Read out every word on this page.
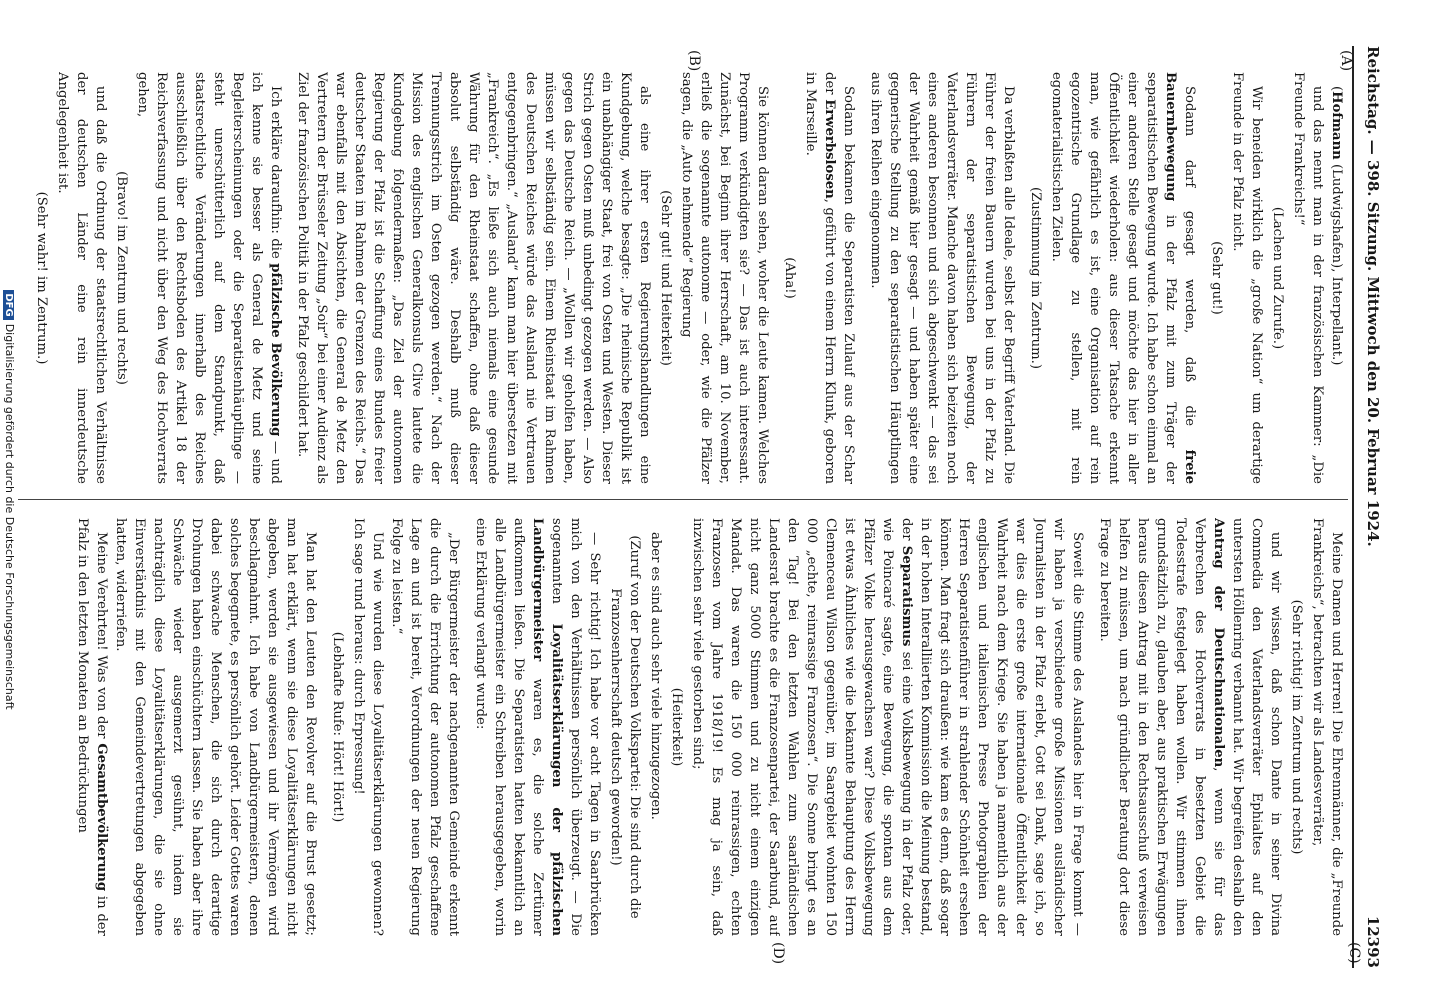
Reichstag. — 398. Sitzung. Mittwoch den 20. Februar 1924.
12393
(A)
(B)
(C)
(D)

(Hofmann (Ludwigshafen), Interpellant.)

und das nennt man in der französischen Kammer: „Die Freunde Frankreichs!“

(Lachen und Zurufe.)

Wir beneiden wirklich die „große Nation“ um derartige Freunde in der Pfalz nicht.

(Sehr gut!)

Sodann darf gesagt werden, daß die freie Bauernbewegung in der Pfalz mit zum Träger der separatistischen Bewegung wurde. Ich habe schon einmal an einer anderen Stelle gesagt und möchte das hier in aller Öffentlichkeit wiederholen: aus dieser Tatsache erkennt man, wie gefährlich es ist, eine Organisation auf rein egozentrische Grundlage zu stellen, mit rein egomaterialistischen Zielen.

(Zustimmung im Zentrum.)

Da verblaßten alle Ideale, selbst der Begriff Vaterland. Die Führer der freien Bauern wurden bei uns in der Pfalz zu Führern der separatistischen Bewegung, der Vaterlandsverräter. Manche davon haben sich beizeiten noch eines anderen besonnen und sich abgeschwenkt — das sei der Wahrheit gemäß hier gesagt — und haben später eine gegnerische Stellung zu den separatistischen Häuptlingen aus ihren Reihen eingenommen.

Sodann bekamen die Separatisten Zulauf aus der Schar der Erwerbslosen, geführt von einem Herrn Klunk, geboren in Marseille.

(Aha!)

Sie können daran sehen, woher die Leute kamen. Welches Programm verkündigten sie? — Das ist auch interessant. Zunächst, bei Beginn ihrer Herrschaft, am 10. November, erließ die sogenannte autonome — oder, wie die Pfälzer sagen, die „Auto nehmende“ Regierung

(Sehr gut! und Heiterkeit)

als eine ihrer ersten Regierungshandlungen eine Kundgebung, welche besagte: „Die rheinische Republik ist ein unabhängiger Staat, frei von Osten und Westen. Dieser Strich gegen Osten muß unbedingt gezogen werden. — Also gegen das Deutsche Reich. — „Wollen wir geholfen haben, müssen wir selbständig sein. Einem Rheinstaat im Rahmen des Deutschen Reiches würde das Ausland nie Vertrauen entgegenbringen.“ „Ausland“ kann man hier übersetzen mit „Frankreich“. „Es ließe sich auch niemals eine gesunde Währung für den Rheinstaat schaffen, ohne daß dieser absolut selbständig wäre. Deshalb muß dieser Trennungsstrich im Osten gezogen werden.“ Nach der Mission des englischen Generalkonsuls Clive lautete die Kundgebung folgendermaßen: „Das Ziel der autonomen Regierung der Pfalz ist die Schaffung eines Bundes freier deutscher Staaten im Rahmen der Grenzen des Reichs.“ Das war ebenfalls mit den Absichten, die General de Metz den Vertretern der Brüsseler Zeitung „Soir“ bei einer Audienz als Ziel der französischen Politik in der Pfalz geschildert hat.

Ich erkläre daraufhin: die pfälzische Bevölkerung — und ich kenne sie besser als General de Metz und seine Begleiterscheinungen oder die Separatistenhäuptlinge — steht unerschütterlich auf dem Standpunkt, daß staatsrechtliche Veränderungen innerhalb des Reiches ausschließlich über den Rechtsboden des Artikel 18 der Reichsverfassung und nicht über den Weg des Hochverrats gehen,

(Bravo! im Zentrum und rechts)

und daß die Ordnung der staatsrechtlichen Verhältnisse der deutschen Länder eine rein innerdeutsche Angelegenheit ist.

(Sehr wahr! im Zentrum.)

Meine Damen und Herren! Die Ehrenmänner, die „Freunde Frankreichs“, betrachten wir als Landesverräter,

(Sehr richtig! im Zentrum und rechts)

und wir wissen, daß schon Dante in seiner Divina Commedia den Vaterlandsverräter Ephialtes auf den untersten Höllenring verbannt hat. Wir begreifen deshalb den Antrag der Deutschnationalen, wenn sie für das Verbrechen des Hochverrats in besetzten Gebiet die Todesstrafe festgelegt haben wollen. Wir stimmen ihnen grundsätzlich zu, glauben aber, aus praktischen Erwägungen heraus diesen Antrag mit in den Rechtsausschuß verweisen helfen zu müssen, um nach gründlicher Beratung dort diese Frage zu bereiten.

Soweit die Stimme des Auslandes hier in Frage kommt — wir haben ja verschiedene große Missionen ausländischer Journalisten in der Pfalz erlebt, Gott sei Dank, sage ich, so war dies die erste große internationale Öffentlichkeit der Wahrheit nach dem Kriege. Sie haben ja namentlich aus der englischen und italienischen Presse Photographien der Herren Separatistenführer in strahlender Schönheit ersehen können. Man fragt sich draußen: wie kam es denn, daß sogar in der hohen Interalliierten Kommission die Meinung bestand, der Separatismus sei eine Volksbewegung in der Pfalz oder, wie Poincaré sagte, eine Bewegung, die spontan aus dem Pfälzer Volke herausgewachsen war? Diese Volksbewegung ist etwas Ähnliches wie die bekannte Behauptung des Herrn Clemenceau Wilson gegenüber, im Saargebiet wohnten 150 000 „echte, reinrassige Franzosen“. Die Sonne bringt es an den Tag! Bei den letzten Wahlen zum saarländischen Landesrat brachte es die Franzosenpartei, der Saarbund, auf nicht ganz 5000 Stimmen und zu nicht einem einzigen Mandat. Das waren die 150 000 reinrassigen, echten Franzosen vom Jahre 1918/19! Es mag ja sein, daß inzwischen sehr viele gestorben sind;

(Heiterkeit)

aber es sind auch sehr viele hinzugezogen.

(Zuruf von der Deutschen Volkspartei: Die sind durch die Franzosenherrschaft deutsch geworden!)

— Sehr richtig! Ich habe vor acht Tagen in Saarbrücken mich von den Verhältnissen persönlich überzeugt. — Die sogenannten Loyalitätserklärungen der pfälzischen Landbürgermeister waren es, die solche Zertümer aufkommen ließen. Die Separatisten hatten bekanntlich an alle Landbürgermeister ein Schreiben herausgegeben, worin eine Erklärung verlangt wurde:

„Der Bürgermeister der nachgenannten Gemeinde erkennt die durch die Errichtung der autonomen Pfalz geschaffene Lage an und ist bereit, Verordnungen der neuen Regierung Folge zu leisten.“

Und wie wurden diese Loyalitätserklärungen gewonnen? Ich sage rund heraus: durch Erpressung!

(Lebhafte Rufe: Hört! Hört!)

Man hat den Leuten den Revolver auf die Brust gesetzt; man hat erklärt, wenn sie diese Loyalitätserklärungen nicht abgeben, werden sie ausgewiesen und ihr Vermögen wird beschlagnahmt. Ich habe von Landbürgermeistern, denen solches begegnete, es persönlich gehört. Leider Gottes waren dabei schwache Menschen, die sich durch derartige Drohungen haben einschüchtern lassen. Sie haben aber ihre Schwäche wieder ausgemerzt gesühnt, indem sie nachträglich diese Loyalitätserklärungen, die sie ohne Einverständnis mit den Gemeindevertretungen abgegeben hatten, widerriefen.

Meine Verehrten! Was von der Gesamtbevölkerung in der Pfalz in den letzten Monaten an Bedrückungen

DFGDigitalisierung gefördert durch die Deutsche Forschungsgemeinschaft
